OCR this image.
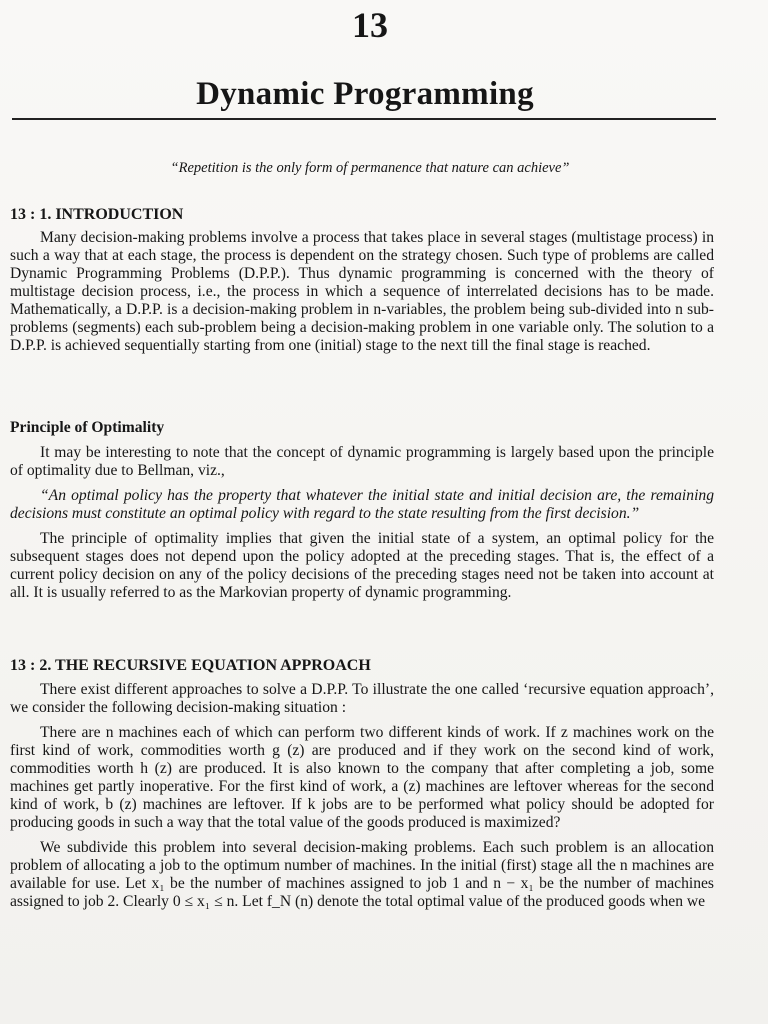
13
Dynamic Programming
“Repetition is the only form of permanence that nature can achieve”

13 : 1. INTRODUCTION

Many decision-making problems involve a process that takes place in several stages (multistage process) in such a way that at each stage, the process is dependent on the strategy chosen. Such type of problems are called Dynamic Programming Problems (D.P.P.). Thus dynamic programming is concerned with the theory of multistage decision process, i.e., the process in which a sequence of interrelated decisions has to be made. Mathematically, a D.P.P. is a decision-making problem in n-variables, the problem being sub-divided into n sub-problems (segments) each sub-problem being a decision-making problem in one variable only. The solution to a D.P.P. is achieved sequentially starting from one (initial) stage to the next till the final stage is reached.

Principle of Optimality

It may be interesting to note that the concept of dynamic programming is largely based upon the principle of optimality due to Bellman, viz.,

“An optimal policy has the property that whatever the initial state and initial decision are, the remaining decisions must constitute an optimal policy with regard to the state resulting from the first decision.”

The principle of optimality implies that given the initial state of a system, an optimal policy for the subsequent stages does not depend upon the policy adopted at the preceding stages. That is, the effect of a current policy decision on any of the policy decisions of the preceding stages need not be taken into account at all. It is usually referred to as the Markovian property of dynamic programming.

13 : 2. THE RECURSIVE EQUATION APPROACH

There exist different approaches to solve a D.P.P. To illustrate the one called ‘recursive equation approach’, we consider the following decision-making situation :

There are n machines each of which can perform two different kinds of work. If z machines work on the first kind of work, commodities worth g (z) are produced and if they work on the second kind of work, commodities worth h (z) are produced. It is also known to the company that after completing a job, some machines get partly inoperative. For the first kind of work, a (z) machines are leftover whereas for the second kind of work, b (z) machines are leftover. If k jobs are to be performed what policy should be adopted for producing goods in such a way that the total value of the goods produced is maximized?

We subdivide this problem into several decision-making problems. Each such problem is an allocation problem of allocating a job to the optimum number of machines. In the initial (first) stage all the n machines are available for use. Let x₁ be the number of machines assigned to job 1 and n − x₁ be the number of machines assigned to job 2. Clearly 0 ≤ x₁ ≤ n. Let f_N (n) denote the total optimal value of the produced goods when we
